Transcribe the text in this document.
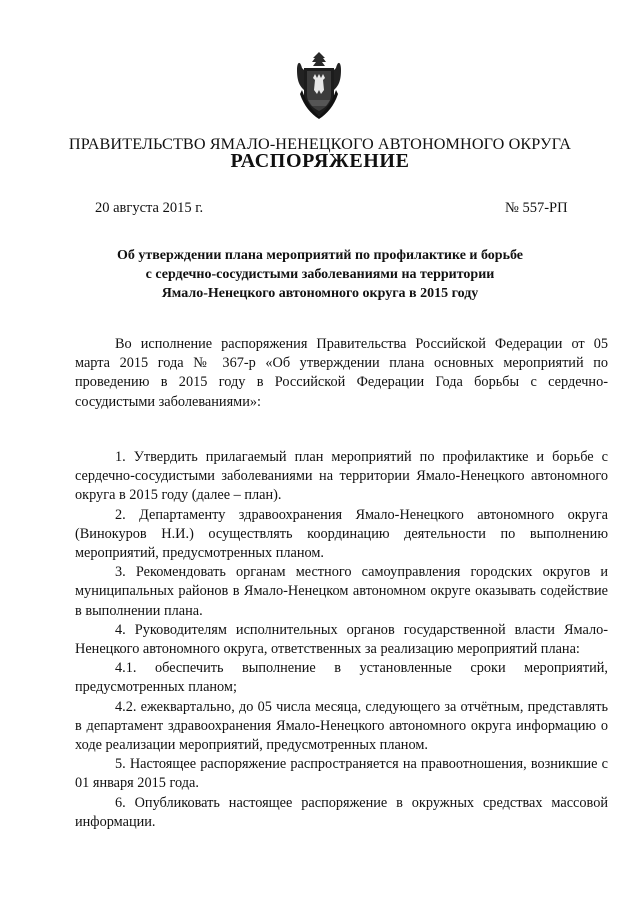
ПРАВИТЕЛЬСТВО ЯМАЛО-НЕНЕЦКОГО АВТОНОМНОГО ОКРУГА
РАСПОРЯЖЕНИЕ
20 августа 2015 г.	№ 557-РП
Об утверждении плана мероприятий по профилактике и борьбе
с сердечно-сосудистыми заболеваниями на территории
Ямало-Ненецкого автономного округа в 2015 году

Во исполнение распоряжения Правительства Российской Федерации от 05 марта 2015 года № 367-р «Об утверждении плана основных мероприятий по проведению в 2015 году в Российской Федерации Года борьбы с сердечно-сосудистыми заболеваниями»:

1. Утвердить прилагаемый план мероприятий по профилактике и борьбе с сердечно-сосудистыми заболеваниями на территории Ямало-Ненецкого автономного округа в 2015 году (далее – план).

2. Департаменту здравоохранения Ямало-Ненецкого автономного округа (Винокуров Н.И.) осуществлять координацию деятельности по выполнению мероприятий, предусмотренных планом.

3. Рекомендовать органам местного самоуправления городских округов и муниципальных районов в Ямало-Ненецком автономном округе оказывать содействие в выполнении плана.

4. Руководителям исполнительных органов государственной власти Ямало-Ненецкого автономного округа, ответственных за реализацию мероприятий плана:

4.1. обеспечить выполнение в установленные сроки мероприятий, предусмотренных планом;

4.2. ежеквартально, до 05 числа месяца, следующего за отчётным, представлять в департамент здравоохранения Ямало-Ненецкого автономного округа информацию о ходе реализации мероприятий, предусмотренных планом.

5. Настоящее распоряжение распространяется на правоотношения, возникшие с 01 января 2015 года.

6. Опубликовать настоящее распоряжение в окружных средствах массовой информации.
